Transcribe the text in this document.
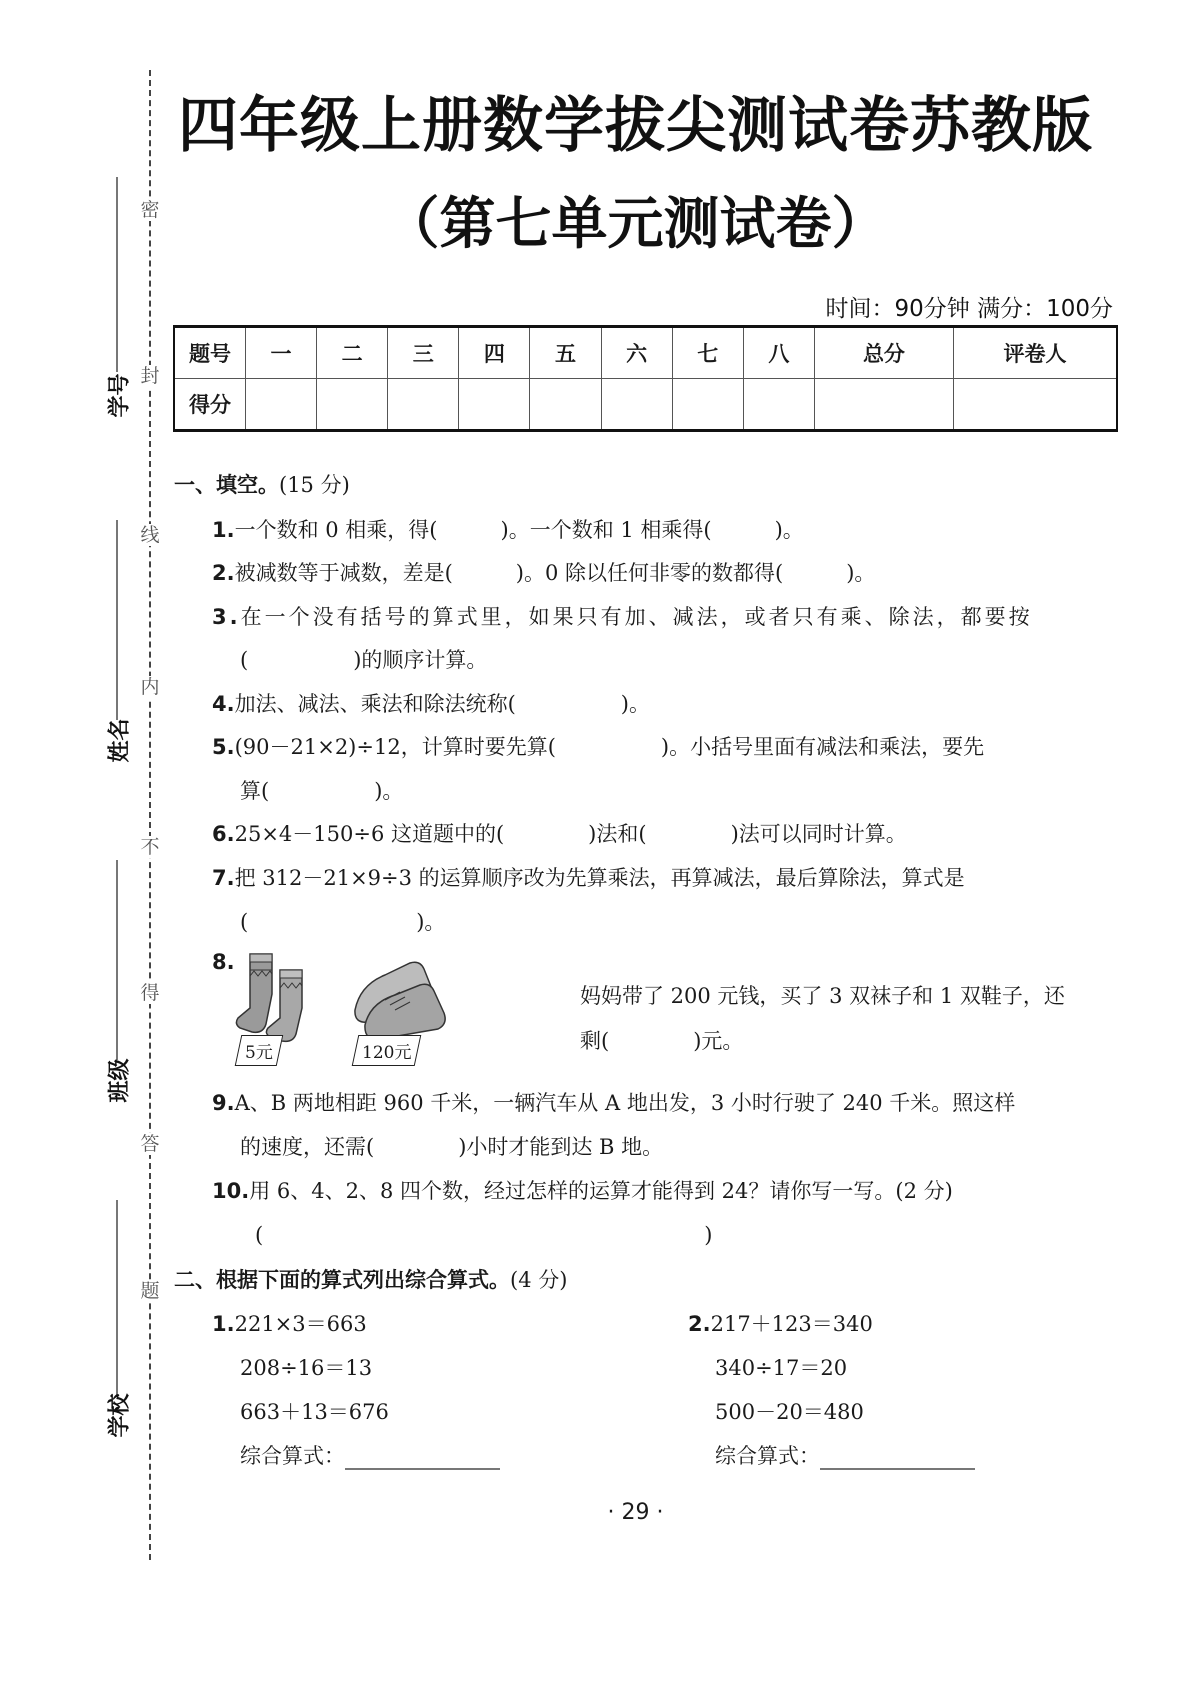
密
封
线
内
不
得
答
题
学号
姓名
班级
学校
四年级上册数学拔尖测试卷苏教版
（第七单元测试卷）
时间：90分钟 满分：100分
题号	一	二	三	四	五	六	七	八	总分	评卷人
得分										
一、填空。(15 分)
1.一个数和 0 相乘，得(　　　)。一个数和 1 相乘得(　　　)。
2.被减数等于减数，差是(　　　)。0 除以任何非零的数都得(　　　)。
3.在一个没有括号的算式里，如果只有加、减法，或者只有乘、除法，都要按
(　　　　　)的顺序计算。
4.加法、减法、乘法和除法统称(　　　　　)。
5.(90－21×2)÷12，计算时要先算(　　　　　)。小括号里面有减法和乘法，要先
算(　　　　　)。
6.25×4－150÷6 这道题中的(　　　　)法和(　　　　)法可以同时计算。
7.把 312－21×9÷3 的运算顺序改为先算乘法，再算减法，最后算除法，算式是
(　　　　　　　　)。
8.
5元	120元
妈妈带了 200 元钱，买了 3 双袜子和 1 双鞋子，还
剩(　　　　)元。
9.A、B 两地相距 960 千米，一辆汽车从 A 地出发，3 小时行驶了 240 千米。照这样
的速度，还需(　　　　)小时才能到达 B 地。
10.用 6、4、2、8 四个数，经过怎样的运算才能得到 24？请你写一写。(2 分)
(　　　　　　　　　　　　　　　　　　　　　)
二、根据下面的算式列出综合算式。(4 分)
1.221×3＝663
208÷16＝13
663＋13＝676
综合算式：
2.217＋123＝340
340÷17＝20
500－20＝480
综合算式：
· 29 ·
